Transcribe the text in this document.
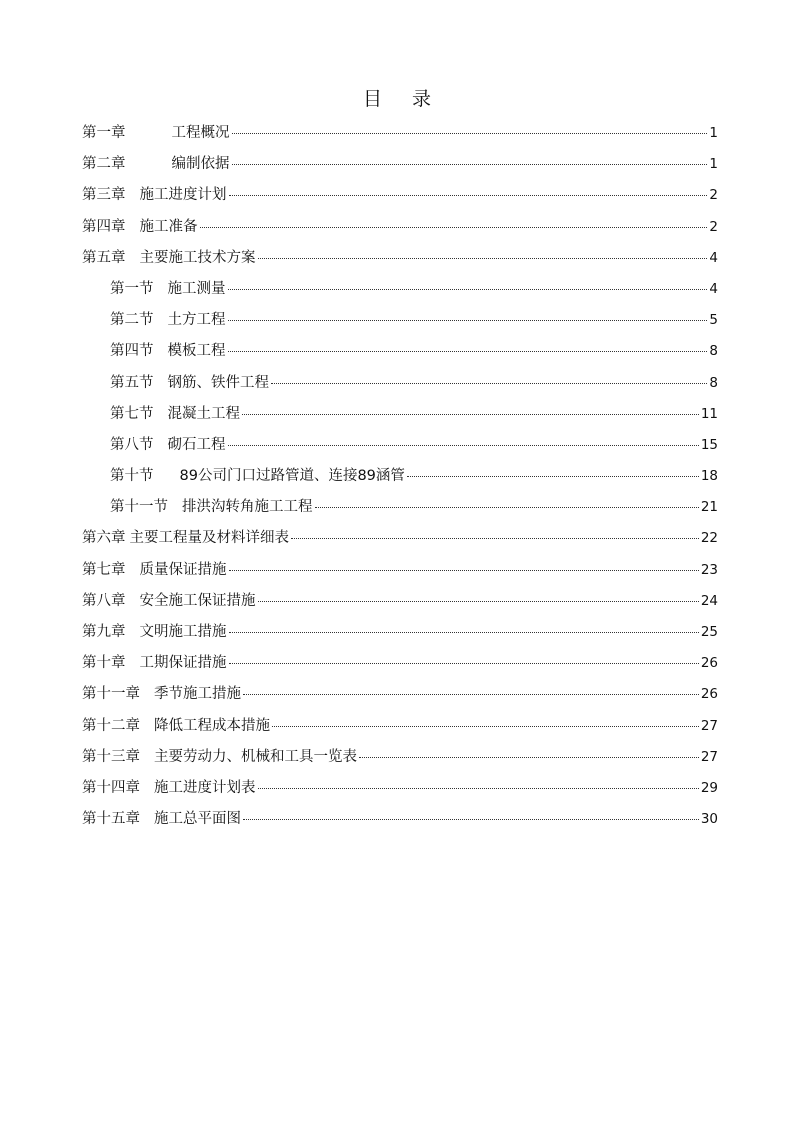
目 录
第一章	工程概况	1
第二章	编制依据	1
第三章 施工进度计划	2
第四章 施工准备	2
第五章 主要施工技术方案	4
第一节 施工测量	4
第二节 土方工程	5
第四节 模板工程	8
第五节 钢筋、铁件工程	8
第七节 混凝土工程	11
第八节 砌石工程	15
第十节 89公司门口过路管道、连接89涵管	18
第十一节 排洪沟转角施工工程	21
第六章 主要工程量及材料详细表	22
第七章 质量保证措施	23
第八章 安全施工保证措施	24
第九章 文明施工措施	25
第十章 工期保证措施	26
第十一章 季节施工措施	26
第十二章 降低工程成本措施	27
第十三章 主要劳动力、机械和工具一览表	27
第十四章 施工进度计划表	29
第十五章 施工总平面图	30
